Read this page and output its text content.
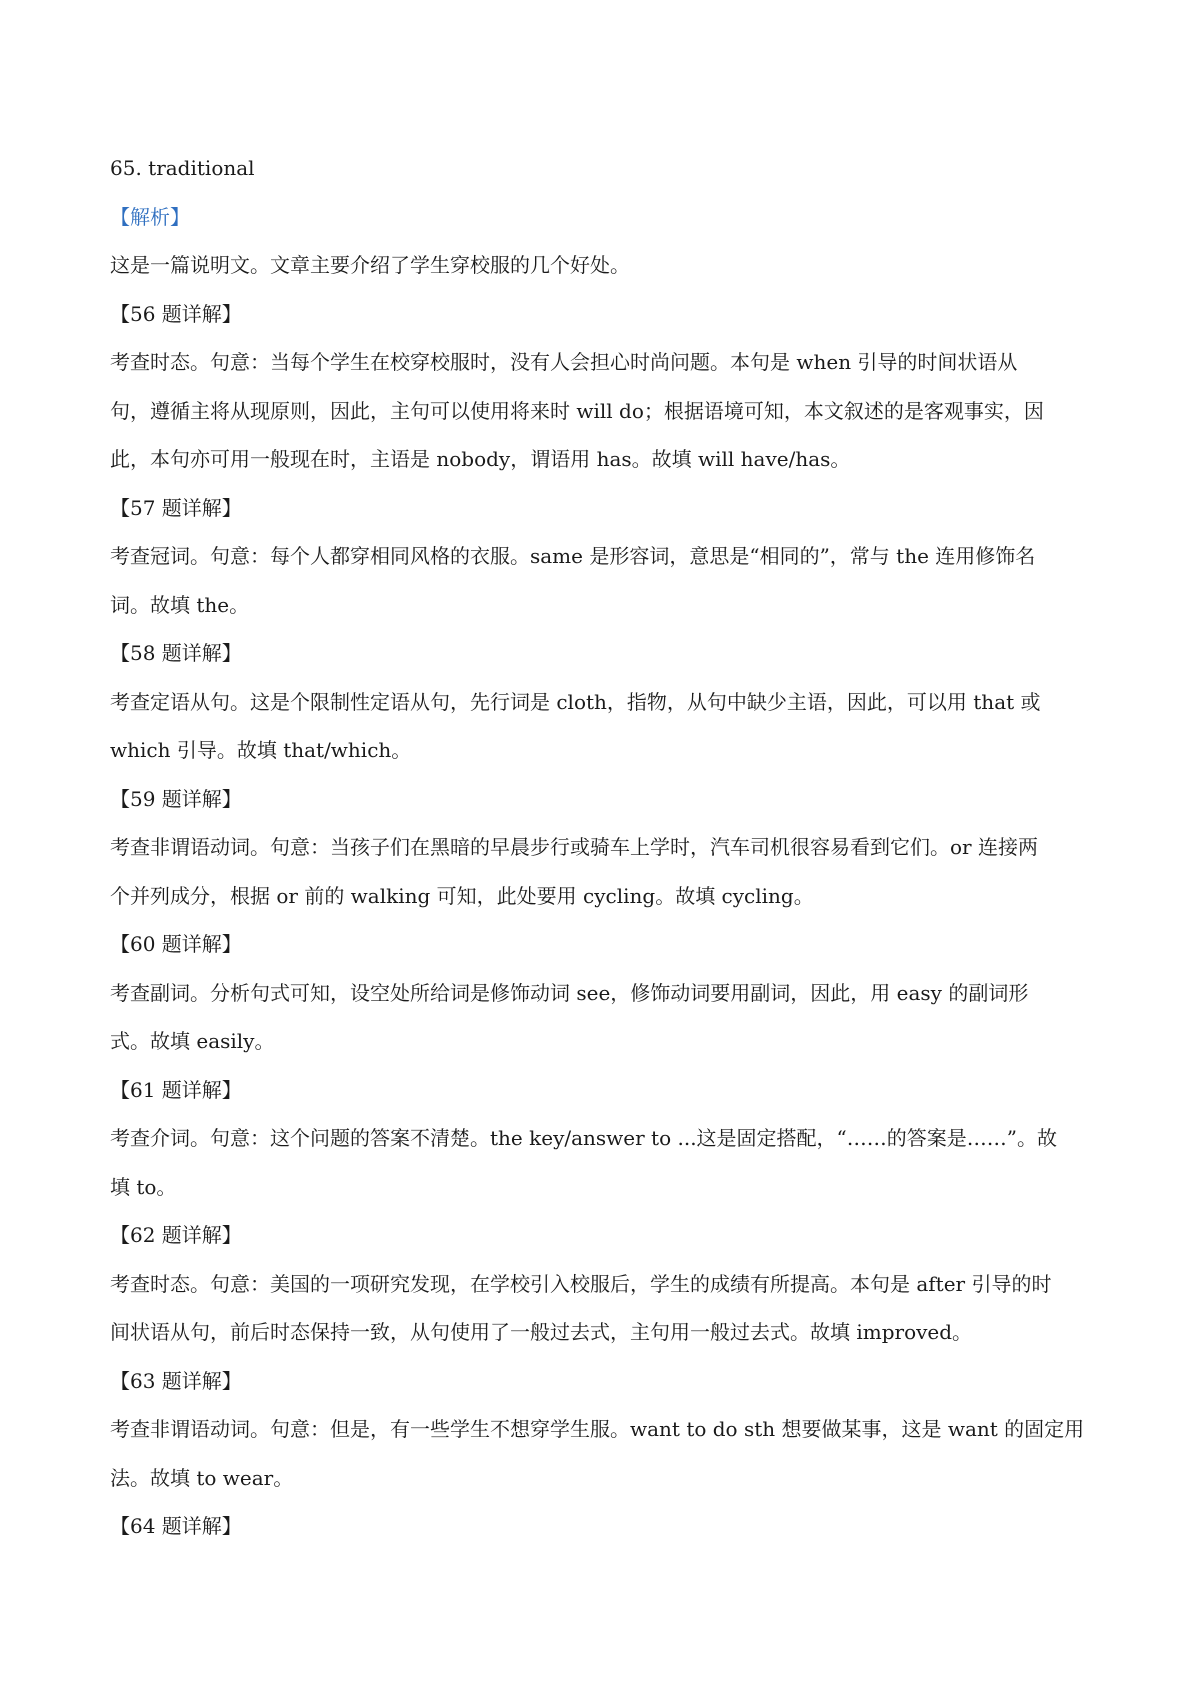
65. traditional
【解析】
这是一篇说明文。文章主要介绍了学生穿校服的几个好处。
【56 题详解】
考查时态。句意：当每个学生在校穿校服时，没有人会担心时尚问题。本句是 when 引导的时间状语从
句，遵循主将从现原则，因此，主句可以使用将来时 will do；根据语境可知，本文叙述的是客观事实，因
此，本句亦可用一般现在时，主语是 nobody，谓语用 has。故填 will have/has。
【57 题详解】
考查冠词。句意：每个人都穿相同风格的衣服。same 是形容词，意思是“相同的”，常与 the 连用修饰名
词。故填 the。
【58 题详解】
考查定语从句。这是个限制性定语从句，先行词是 cloth，指物，从句中缺少主语，因此，可以用 that 或
which 引导。故填 that/which。
【59 题详解】
考查非谓语动词。句意：当孩子们在黑暗的早晨步行或骑车上学时，汽车司机很容易看到它们。or 连接两
个并列成分，根据 or 前的 walking 可知，此处要用 cycling。故填 cycling。
【60 题详解】
考查副词。分析句式可知，设空处所给词是修饰动词 see，修饰动词要用副词，因此，用 easy 的副词形
式。故填 easily。
【61 题详解】
考查介词。句意：这个问题的答案不清楚。the key/answer to ...这是固定搭配，“……的答案是……”。故
填 to。
【62 题详解】
考查时态。句意：美国的一项研究发现，在学校引入校服后，学生的成绩有所提高。本句是 after 引导的时
间状语从句，前后时态保持一致，从句使用了一般过去式，主句用一般过去式。故填 improved。
【63 题详解】
考查非谓语动词。句意：但是，有一些学生不想穿学生服。want to do sth 想要做某事，这是 want 的固定用
法。故填 to wear。
【64 题详解】
